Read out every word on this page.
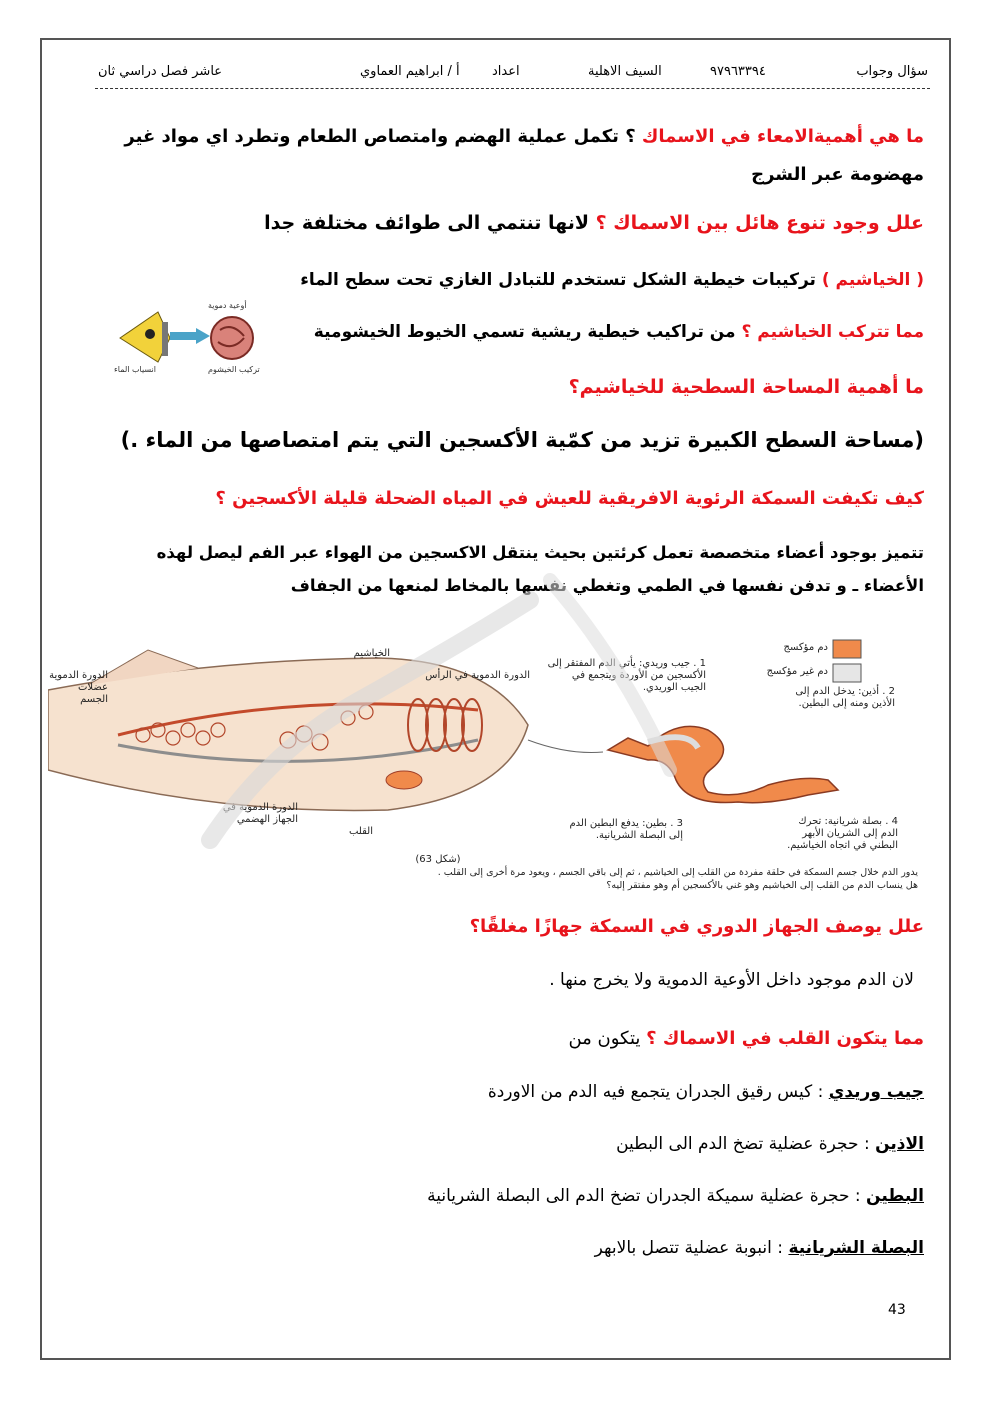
سؤال وجواب
٩٧٩٦٣٣٩٤
السيف الاهلية
اعداد
أ / ابراهيم العماوي
عاشر فصل دراسي ثان
ما هي أهميةالامعاء في الاسماك ؟ تكمل عملية الهضم وامتصاص الطعام وتطرد اي مواد غير
مهضومة عبر الشرج
علل وجود تنوع هائل بين الاسماك ؟ لانها تنتمي الى طوائف مختلفة جدا
( الخياشيم ) تركيبات خيطية الشكل تستخدم للتبادل الغازي تحت سطح الماء
مما تتركب الخياشيم ؟ من تراكيب خيطية ريشية تسمي الخيوط الخيشومية
أوعية دموية
تركيب الخيشوم
انسياب الماء
ما أهمية المساحة السطحية للخياشيم؟
(مساحة السطح الكبيرة تزيد من كمّية الأكسجين التي يتم امتصاصها من الماء .)
كيف تكيفت السمكة الرئوية الافريقية للعيش في المياه الضحلة قليلة الأكسجين ؟
تتميز بوجود أعضاء متخصصة تعمل كرئتين بحيث ينتقل الاكسجين من الهواء عبر الفم ليصل لهذه
الأعضاء ـ و تدفن نفسها في الطمي وتغطي نفسها بالمخاط لمنعها من الجفاف
دم مؤكسج
دم غير مؤكسج
الخياشيم
الدورة الدموية في الرأس
الدورة الدموية عضلات الجسم
الدورة الدموية في الجهاز الهضمي
القلب
1 . جيب وريدي: يأتي الدم المفتقر إلى الأكسجين من الأوردة ويتجمع في الجيب الوريدي.	2 . أذين: يدخل الدم إلى الأذين ومنه إلى البطين.
3 . بطين: يدفع البطين الدم إلى البصلة الشريانية.
4 . بصلة شريانية: تحرك الدم إلى الشريان الأبهر البطني في اتجاه الخياشيم.
(شكل 63)
يدور الدم خلال جسم السمكة في حلقة مفردة من القلب إلى الخياشيم ، ثم إلى باقي الجسم ، ويعود مرة أخرى إلى القلب .
هل ينساب الدم من القلب إلى الخياشيم وهو غني بالأكسجين أم وهو مفتقر إليه؟
علل يوصف الجهاز الدوري في السمكة جهازًا مغلقًا؟
لان الدم موجود داخل الأوعية الدموية ولا يخرج منها .
مما يتكون القلب في الاسماك ؟ يتكون من
جيب وريدي : كيس رقيق الجدران يتجمع فيه الدم من الاوردة
الاذين : حجرة عضلية تضخ الدم الى البطين
البطين : حجرة عضلية سميكة الجدران تضخ الدم الى البصلة الشريانية
البصلة الشريانية : انبوبة عضلية تتصل بالابهر
43
